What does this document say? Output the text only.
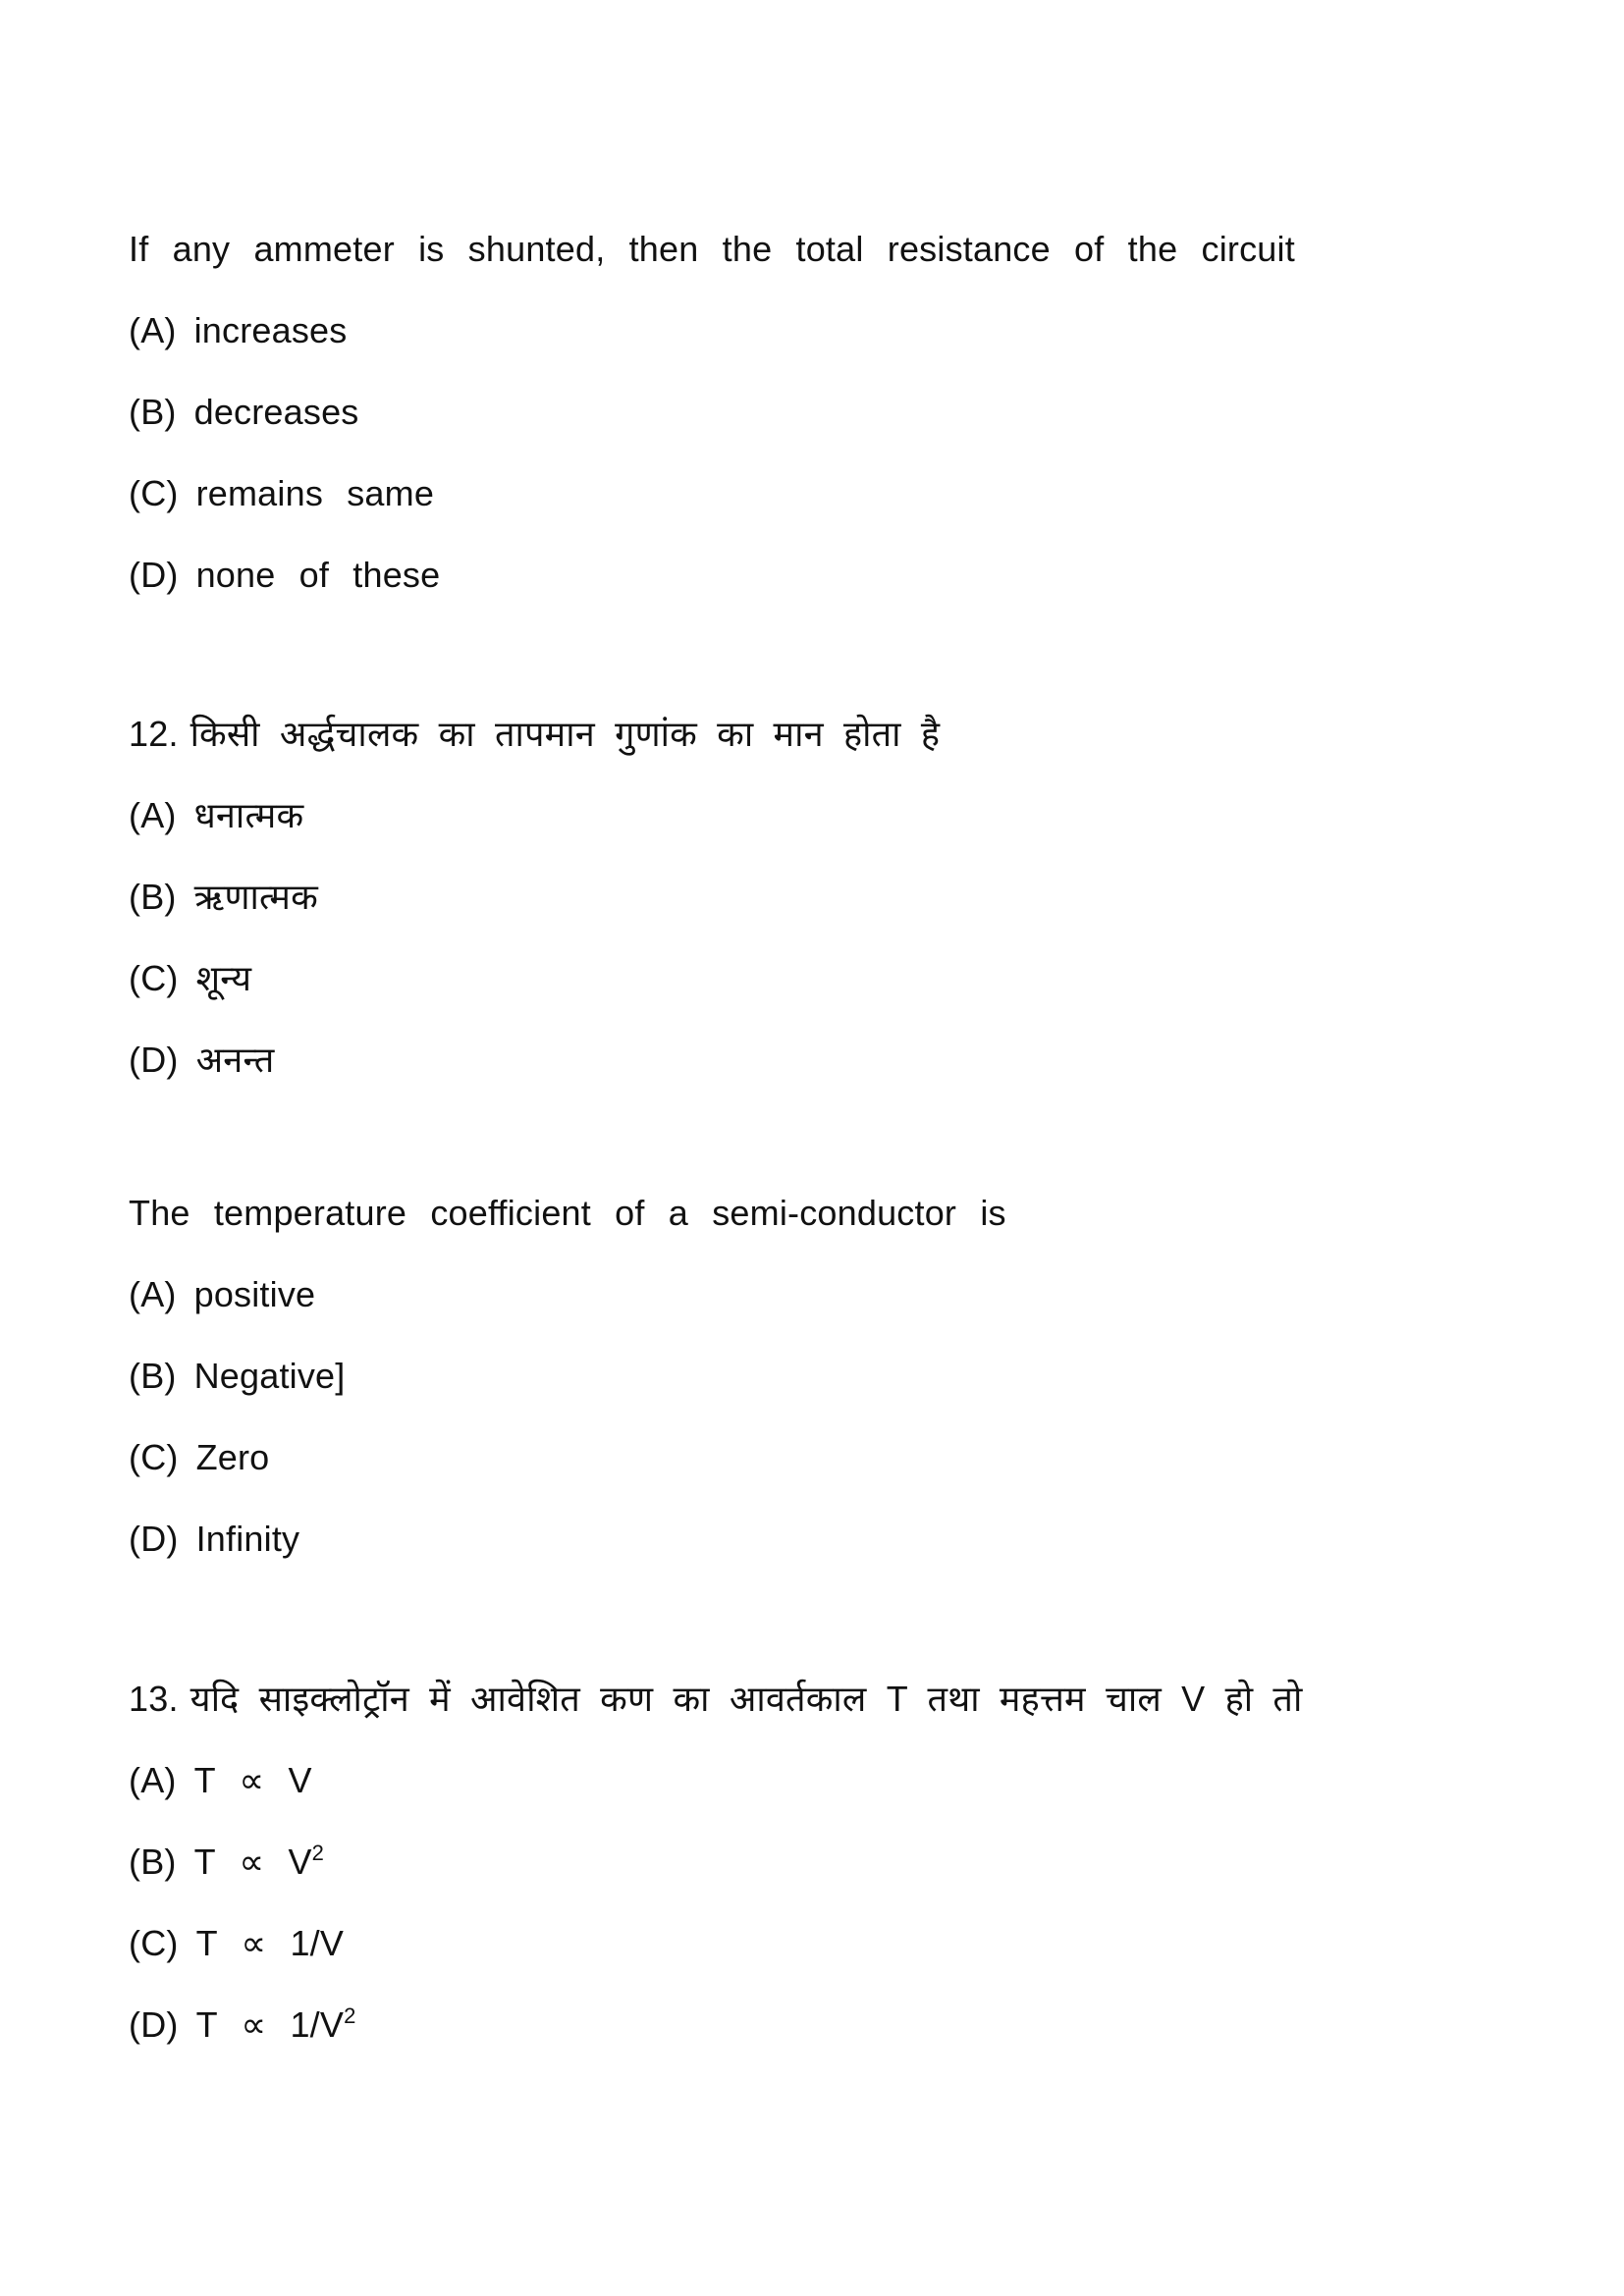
If any ammeter is shunted, then the total resistance of the circuit
(A) increases
(B) decreases
(C) remains same
(D) none of these
12. किसी अर्द्धचालक का तापमान गुणांक का मान होता है
(A) धनात्मक
(B) ऋणात्मक
(C) शून्य
(D) अनन्त
The temperature coefficient of a semi-conductor is
(A) positive
(B) Negative]
(C) Zero
(D) Infinity
13. यदि साइक्लोट्रॉन में आवेशित कण का आवर्तकाल T तथा महत्तम चाल V हो तो
(A) T ∝ V
(B) $T \propto V^2$
(C) T ∝ 1/V
(D) $T \propto 1/V^2$
